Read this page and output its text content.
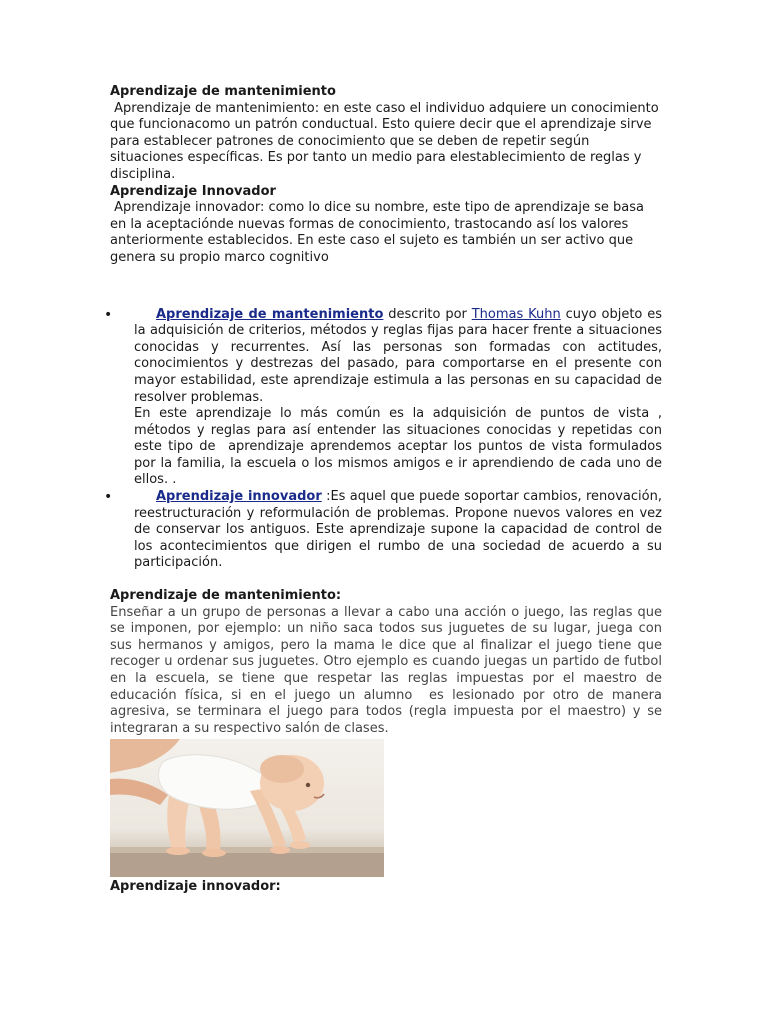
Aprendizaje de mantenimiento

Aprendizaje de mantenimiento: en este caso el individuo adquiere un conocimiento que funcionacomo un patrón conductual. Esto quiere decir que el aprendizaje sirve para establecer patrones de conocimiento que se deben de repetir según situaciones específicas. Es por tanto un medio para elestablecimiento de reglas y disciplina.

Aprendizaje Innovador

Aprendizaje innovador: como lo dice su nombre, este tipo de aprendizaje se basa en la aceptaciónde nuevas formas de conocimiento, trastocando así los valores anteriormente establecidos. En este caso el sujeto es también un ser activo que genera su propio marco cognitivo

•	Aprendizaje de mantenimiento descrito por Thomas Kuhn cuyo objeto es la adquisición de criterios, métodos y reglas fijas para hacer frente a situaciones conocidas y recurrentes. Así las personas son formadas con actitudes, conocimientos y destrezas del pasado, para comportarse en el presente con mayor estabilidad, este aprendizaje estimula a las personas en su capacidad de resolver problemas.
En este aprendizaje lo más común es la adquisición de puntos de vista , métodos y reglas para así entender las situaciones conocidas y repetidas con este tipo de  aprendizaje aprendemos aceptar los puntos de vista formulados por la familia, la escuela o los mismos amigos e ir aprendiendo de cada uno de ellos. .
•	Aprendizaje innovador :Es aquel que puede soportar cambios, renovación, reestructuración y reformulación de problemas. Propone nuevos valores en vez de conservar los antiguos. Este aprendizaje supone la capacidad de control de los acontecimientos que dirigen el rumbo de una sociedad de acuerdo a su participación.
Aprendizaje de mantenimiento:

Enseñar a un grupo de personas a llevar a cabo una acción o juego, las reglas que se imponen, por ejemplo: un niño saca todos sus juguetes de su lugar, juega con sus hermanos y amigos, pero la mama le dice que al finalizar el juego tiene que recoger u ordenar sus juguetes. Otro ejemplo es cuando juegas un partido de futbol en la escuela, se tiene que respetar las reglas impuestas por el maestro de educación física, si en el juego un alumno  es lesionado por otro de manera agresiva, se terminara el juego para todos (regla impuesta por el maestro) y se integraran a su respectivo salón de clases.

Aprendizaje innovador:
